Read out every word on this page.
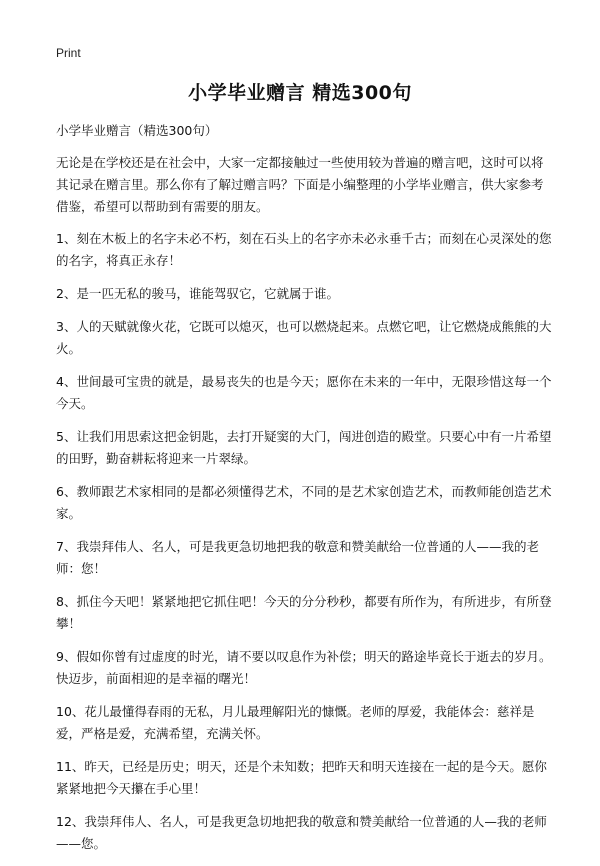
Print
小学毕业赠言 精选300句

小学毕业赠言（精选300句）

无论是在学校还是在社会中，大家一定都接触过一些使用较为普遍的赠言吧，这时可以将其记录在赠言里。那么你有了解过赠言吗？下面是小编整理的小学毕业赠言，供大家参考借鉴，希望可以帮助到有需要的朋友。

1、刻在木板上的名字未必不朽，刻在石头上的名字亦未必永垂千古；而刻在心灵深处的您的名字，将真正永存！
2、是一匹无私的骏马，谁能驾驭它，它就属于谁。
3、人的天赋就像火花，它既可以熄灭，也可以燃烧起来。点燃它吧，让它燃烧成熊熊的大火。
4、世间最可宝贵的就是，最易丧失的也是今天；愿你在未来的一年中，无限珍惜这每一个今天。
5、让我们用思索这把金钥匙，去打开疑窦的大门，闯进创造的殿堂。只要心中有一片希望的田野，勤奋耕耘将迎来一片翠绿。
6、教师跟艺术家相同的是都必须懂得艺术，不同的是艺术家创造艺术，而教师能创造艺术家。
7、我崇拜伟人、名人，可是我更急切地把我的敬意和赞美献给一位普通的人——我的老师：您！
8、抓住今天吧！紧紧地把它抓住吧！今天的分分秒秒，都要有所作为，有所进步，有所登攀！
9、假如你曾有过虚度的时光，请不要以叹息作为补偿；明天的路途毕竟长于逝去的岁月。快迈步，前面相迎的是幸福的曙光！
10、花儿最懂得春雨的无私，月儿最理解阳光的慷慨。老师的厚爱，我能体会：慈祥是爱，严格是爱，充满希望，充满关怀。
11、昨天，已经是历史；明天，还是个未知数；把昨天和明天连接在一起的是今天。愿你紧紧地把今天攥在手心里！
12、我崇拜伟人、名人，可是我更急切地把我的敬意和赞美献给一位普通的人—我的老师——您。
